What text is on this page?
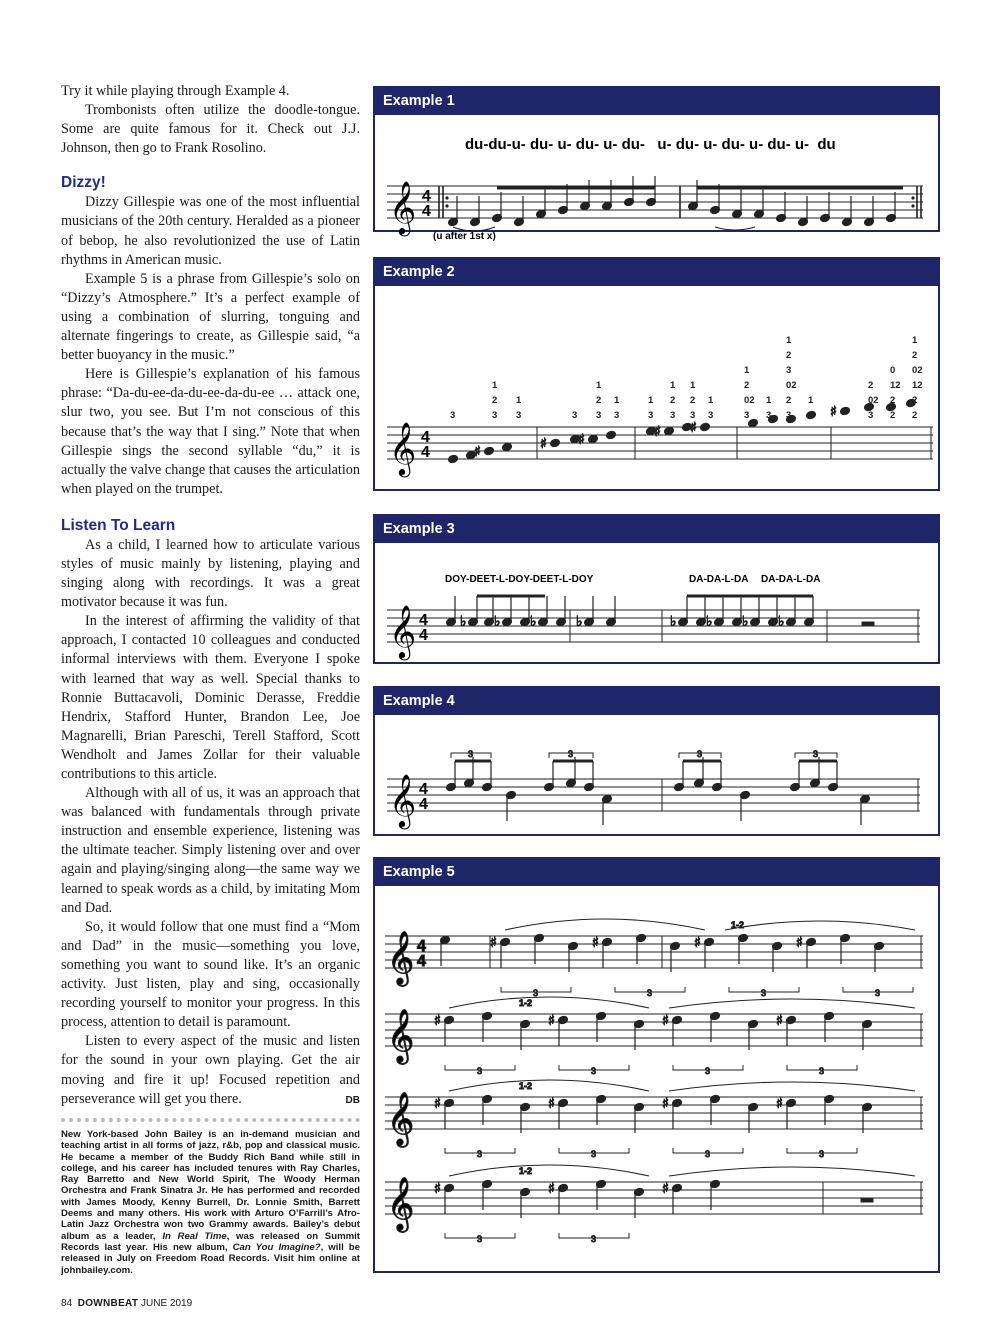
Try it while playing through Example 4.

Trombonists often utilize the doodle-tongue. Some are quite famous for it. Check out J.J. Johnson, then go to Frank Rosolino.

Dizzy!

Dizzy Gillespie was one of the most influential musicians of the 20th century. Heralded as a pioneer of bebop, he also revolutionized the use of Latin rhythms in American music.

Example 5 is a phrase from Gillespie’s solo on “Dizzy’s Atmosphere.” It’s a perfect example of using a combination of slurring, tonguing and alternate fingerings to create, as Gillespie said, “a better buoyancy in the music.”

Here is Gillespie’s explanation of his famous phrase: “Da-du-ee-da-du-ee-da-du-ee … attack one, slur two, you see. But I’m not conscious of this because that’s the way that I sing.” Note that when Gillespie sings the second syllable “du,” it is actually the valve change that causes the articulation when played on the trumpet.

Listen To Learn

As a child, I learned how to articulate various styles of music mainly by listening, playing and singing along with recordings. It was a great motivator because it was fun.

In the interest of affirming the validity of that approach, I contacted 10 colleagues and conducted informal interviews with them. Everyone I spoke with learned that way as well. Special thanks to Ronnie Buttacavoli, Dominic Derasse, Freddie Hendrix, Stafford Hunter, Brandon Lee, Joe Magnarelli, Brian Pareschi, Terell Stafford, Scott Wendholt and James Zollar for their valuable contributions to this article.

Although with all of us, it was an approach that was balanced with fundamentals through private instruction and ensemble experience, listening was the ultimate teacher. Simply listening over and over again and playing/singing along—the same way we learned to speak words as a child, by imitating Mom and Dad.

So, it would follow that one must find a “Mom and Dad” in the music—something you love, something you want to sound like. It’s an organic activity. Just listen, play and sing, occasionally recording yourself to monitor your progress. In this process, attention to detail is paramount.

Listen to every aspect of the music and listen for the sound in your own playing. Get the air moving and fire it up! Focused repetition and perseverance will get you there.	DB

New York-based John Bailey is an in-demand musician and teaching artist in all forms of jazz, r&b, pop and classical music. He became a member of the Buddy Rich Band while still in college, and his career has included tenures with Ray Charles, Ray Barretto and New World Spirit, The Woody Herman Orchestra and Frank Sinatra Jr. He has performed and recorded with James Moody, Kenny Burrell, Dr. Lonnie Smith, Barrett Deems and many others. His work with Arturo O’Farrill’s Afro-Latin Jazz Orchestra won two Grammy awards. Bailey’s debut album as a leader, In Real Time, was released on Summit Records last year. His new album, Can You Imagine?, will be released in July on Freedom Road Records. Visit him online at johnbailey.com.

84 DOWNBEAT JUNE 2019
Example 1
𝄞 4
4
du-du-u- du- u- du- u- du-   u- du- u- du- u- du- u-  du
(u after 1st x)
Example 2
𝄞 4
4	♯	♯ ♯	♯ ♯
♯
3
1
2
3
1
3	3
1
2
3
1
3
1
3
1
2
3
1
2
3
1
3
1
2
02
3
1
3
1
2
3
02
2
3
1
3
2
02
3
0
12
2
2
1
2
02
12
2
2
Example 3
𝄞 4
4
DOY-DEET-L-DOY-DEET-L-DOY	DA-DA-L-DA DA-DA-L-DA
♭ ♭ ♭	♭	♭ ♭ ♭ ♭
Example 4
𝄞 4
4
3	3	3	3
Example 5
𝄞
𝄞
𝄞
𝄞
4
4
♯	♯	♯	♯
3	3	3	3
1-2
♯	♯	♯	♯
3	3	3	3
1-2
♯	♯	♯	♯
3	3	3	3
1-2
♯	♯	♯
3	3
1-2
